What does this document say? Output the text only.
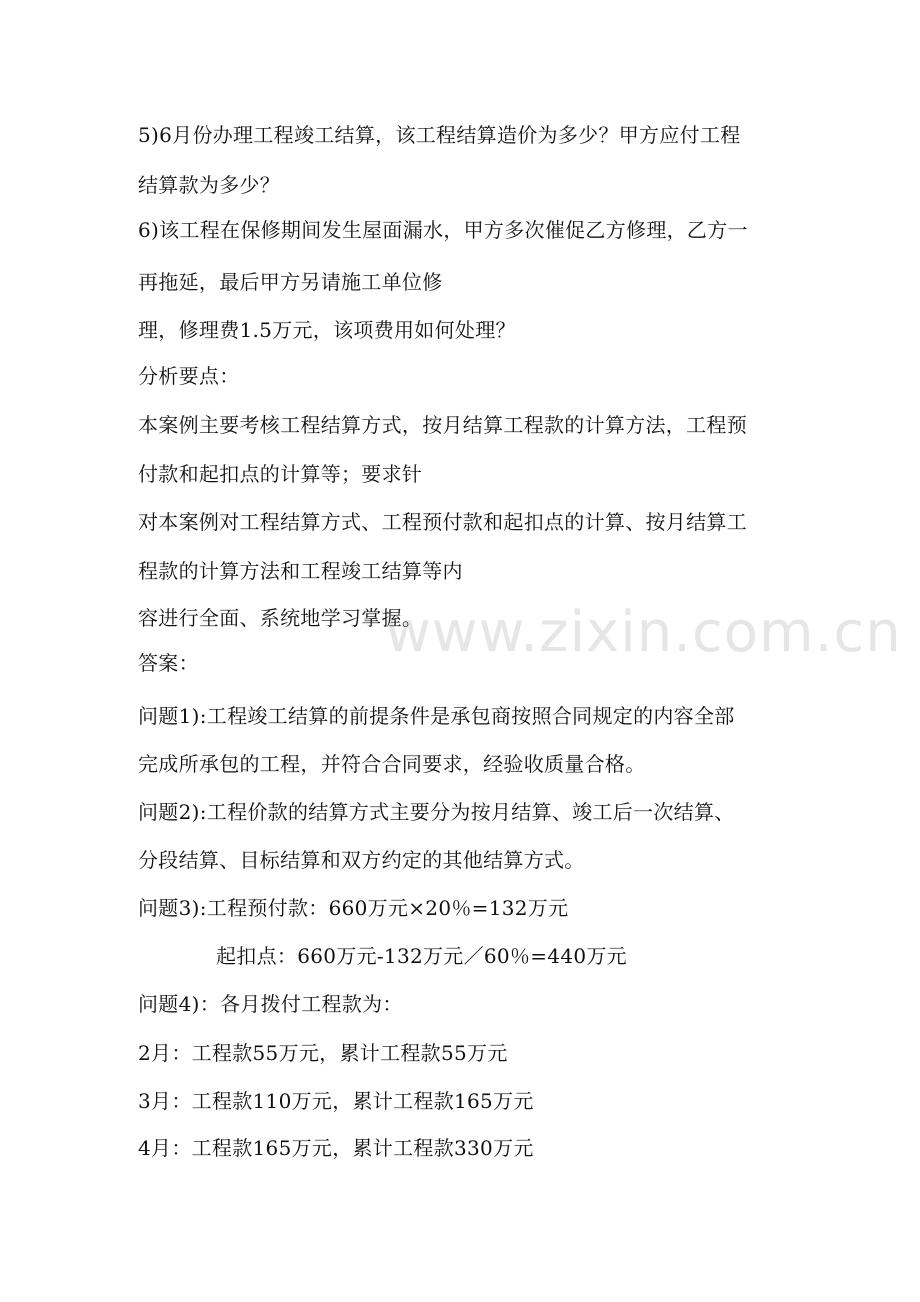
www.zixin.com.cn
5)6月份办理工程竣工结算，该工程结算造价为多少？甲方应付工程
结算款为多少？
6)该工程在保修期间发生屋面漏水，甲方多次催促乙方修理，乙方一
再拖延，最后甲方另请施工单位修
理，修理费1.5万元，该项费用如何处理？
分析要点：
本案例主要考核工程结算方式，按月结算工程款的计算方法，工程预
付款和起扣点的计算等；要求针
对本案例对工程结算方式、工程预付款和起扣点的计算、按月结算工
程款的计算方法和工程竣工结算等内
容进行全面、系统地学习掌握。
答案：
问题1):工程竣工结算的前提条件是承包商按照合同规定的内容全部
完成所承包的工程，并符合合同要求，经验收质量合格。
问题2):工程价款的结算方式主要分为按月结算、竣工后一次结算、
分段结算、目标结算和双方约定的其他结算方式。
问题3):工程预付款：660万元×20％=132万元
起扣点：660万元-132万元／60％=440万元
问题4)：各月拨付工程款为：
2月：工程款55万元，累计工程款55万元
3月：工程款110万元，累计工程款165万元
4月：工程款165万元，累计工程款330万元
